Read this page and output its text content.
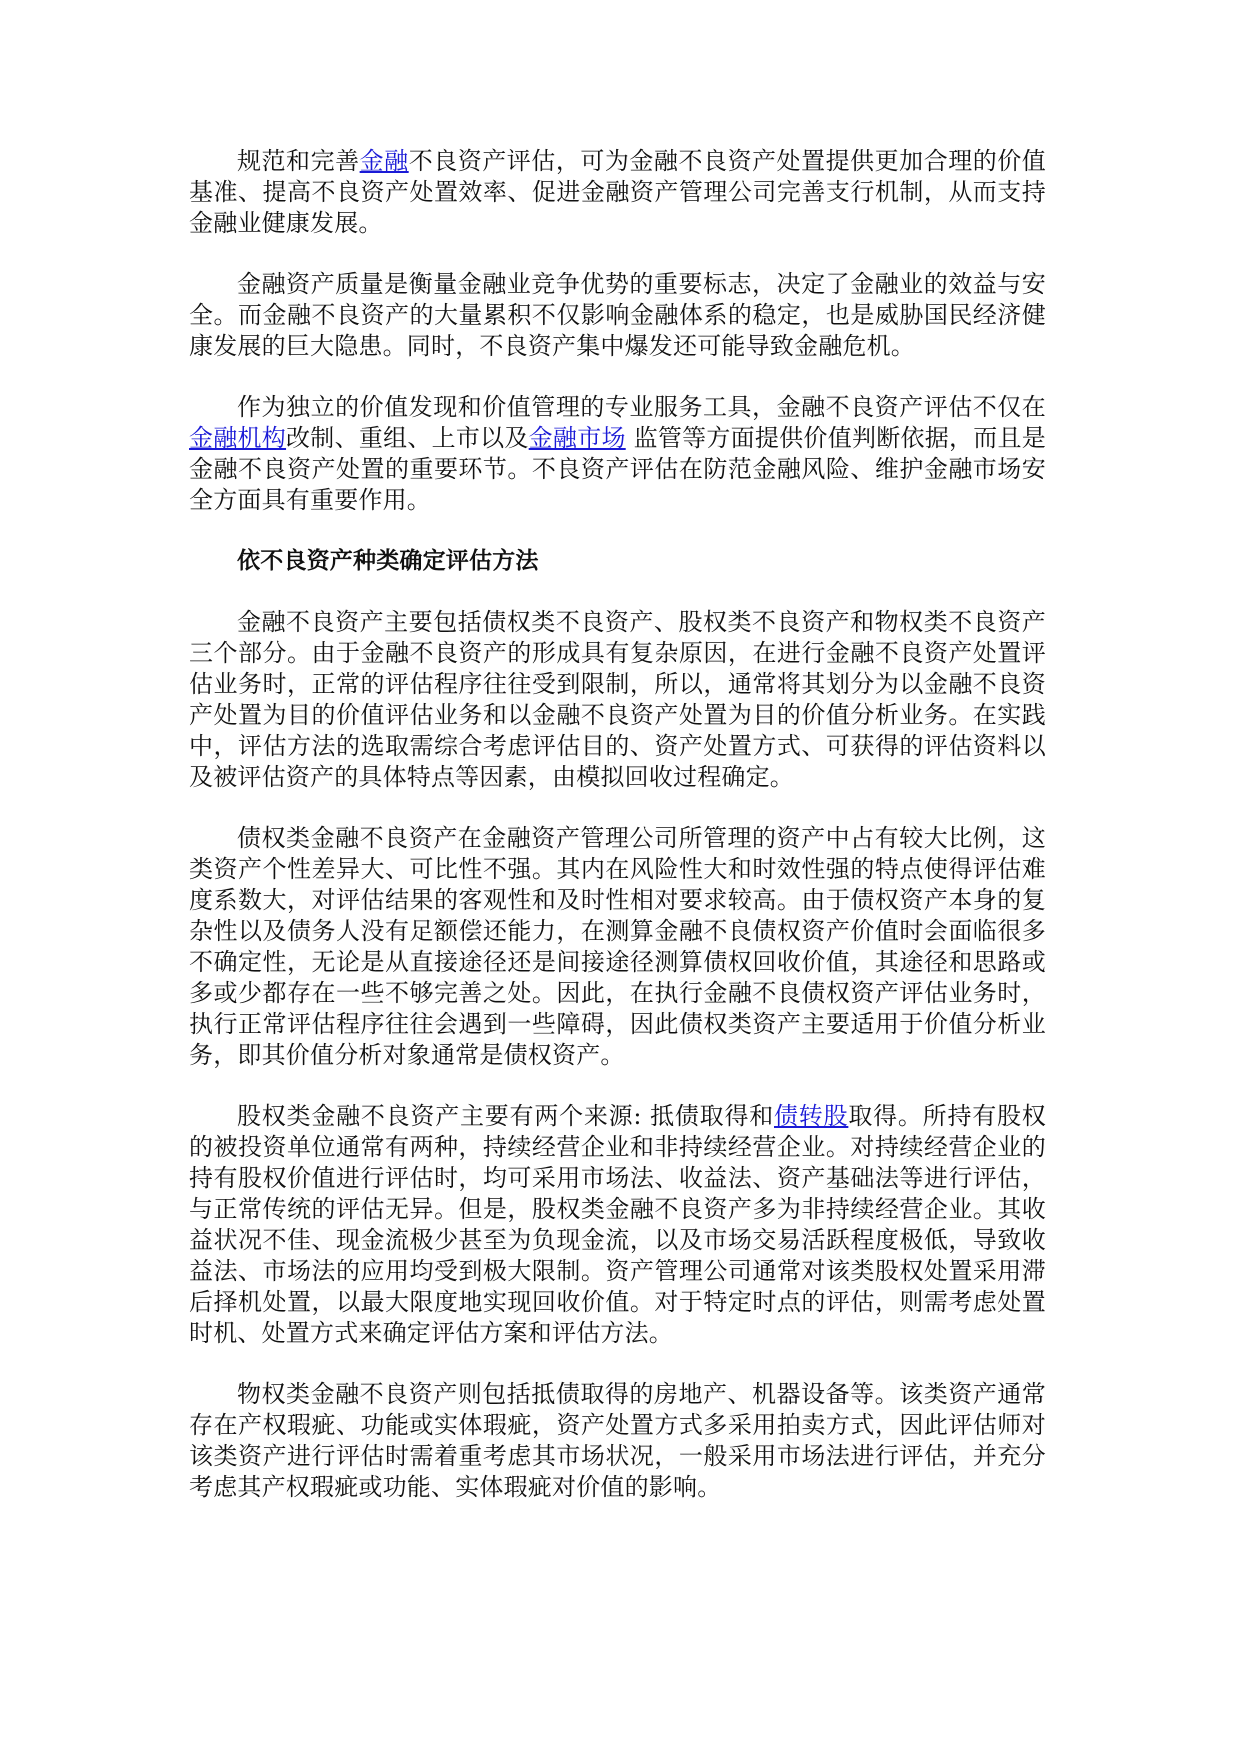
规范和完善金融不良资产评估，可为金融不良资产处置提供更加合理的价值基准、提高不良资产处置效率、促进金融资产管理公司完善支行机制，从而支持金融业健康发展。

金融资产质量是衡量金融业竞争优势的重要标志，决定了金融业的效益与安全。而金融不良资产的大量累积不仅影响金融体系的稳定，也是威胁国民经济健康发展的巨大隐患。同时，不良资产集中爆发还可能导致金融危机。

作为独立的价值发现和价值管理的专业服务工具，金融不良资产评估不仅在金融机构改制、重组、上市以及金融市场 监管等方面提供价值判断依据，而且是金融不良资产处置的重要环节。不良资产评估在防范金融风险、维护金融市场安全方面具有重要作用。

依不良资产种类确定评估方法

金融不良资产主要包括债权类不良资产、股权类不良资产和物权类不良资产三个部分。由于金融不良资产的形成具有复杂原因，在进行金融不良资产处置评估业务时，正常的评估程序往往受到限制，所以，通常将其划分为以金融不良资产处置为目的价值评估业务和以金融不良资产处置为目的价值分析业务。在实践中，评估方法的选取需综合考虑评估目的、资产处置方式、可获得的评估资料以及被评估资产的具体特点等因素，由模拟回收过程确定。

债权类金融不良资产在金融资产管理公司所管理的资产中占有较大比例，这类资产个性差异大、可比性不强。其内在风险性大和时效性强的特点使得评估难度系数大，对评估结果的客观性和及时性相对要求较高。由于债权资产本身的复杂性以及债务人没有足额偿还能力，在测算金融不良债权资产价值时会面临很多不确定性，无论是从直接途径还是间接途径测算债权回收价值，其途径和思路或多或少都存在一些不够完善之处。因此，在执行金融不良债权资产评估业务时，执行正常评估程序往往会遇到一些障碍，因此债权类资产主要适用于价值分析业务，即其价值分析对象通常是债权资产。

股权类金融不良资产主要有两个来源: 抵债取得和债转股取得。所持有股权的被投资单位通常有两种，持续经营企业和非持续经营企业。对持续经营企业的持有股权价值进行评估时，均可采用市场法、收益法、资产基础法等进行评估，与正常传统的评估无异。但是，股权类金融不良资产多为非持续经营企业。其收益状况不佳、现金流极少甚至为负现金流，以及市场交易活跃程度极低，导致收益法、市场法的应用均受到极大限制。资产管理公司通常对该类股权处置采用滞后择机处置，以最大限度地实现回收价值。对于特定时点的评估，则需考虑处置时机、处置方式来确定评估方案和评估方法。

物权类金融不良资产则包括抵债取得的房地产、机器设备等。该类资产通常存在产权瑕疵、功能或实体瑕疵，资产处置方式多采用拍卖方式，因此评估师对该类资产进行评估时需着重考虑其市场状况，一般采用市场法进行评估，并充分考虑其产权瑕疵或功能、实体瑕疵对价值的影响。
